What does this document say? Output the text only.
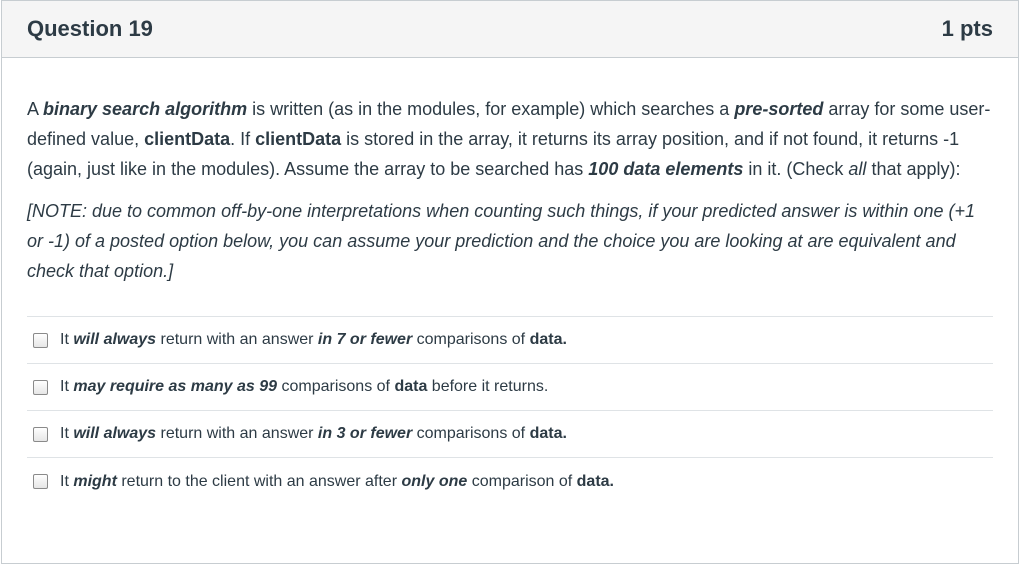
Question 19	1 pts

A binary search algorithm is written (as in the modules, for example) which searches a pre-sorted array for some user-defined value, clientData. If clientData is stored in the array, it returns its array position, and if not found, it returns -1 (again, just like in the modules). Assume the array to be searched has 100 data elements in it. (Check all that apply):

[NOTE: due to common off-by-one interpretations when counting such things, if your predicted answer is within one (+1 or -1) of a posted option below, you can assume your prediction and the choice you are looking at are equivalent and check that option.]

It will always return with an answer in 7 or fewer comparisons of data.
It may require as many as 99 comparisons of data before it returns.
It will always return with an answer in 3 or fewer comparisons of data.
It might return to the client with an answer after only one comparison of data.
